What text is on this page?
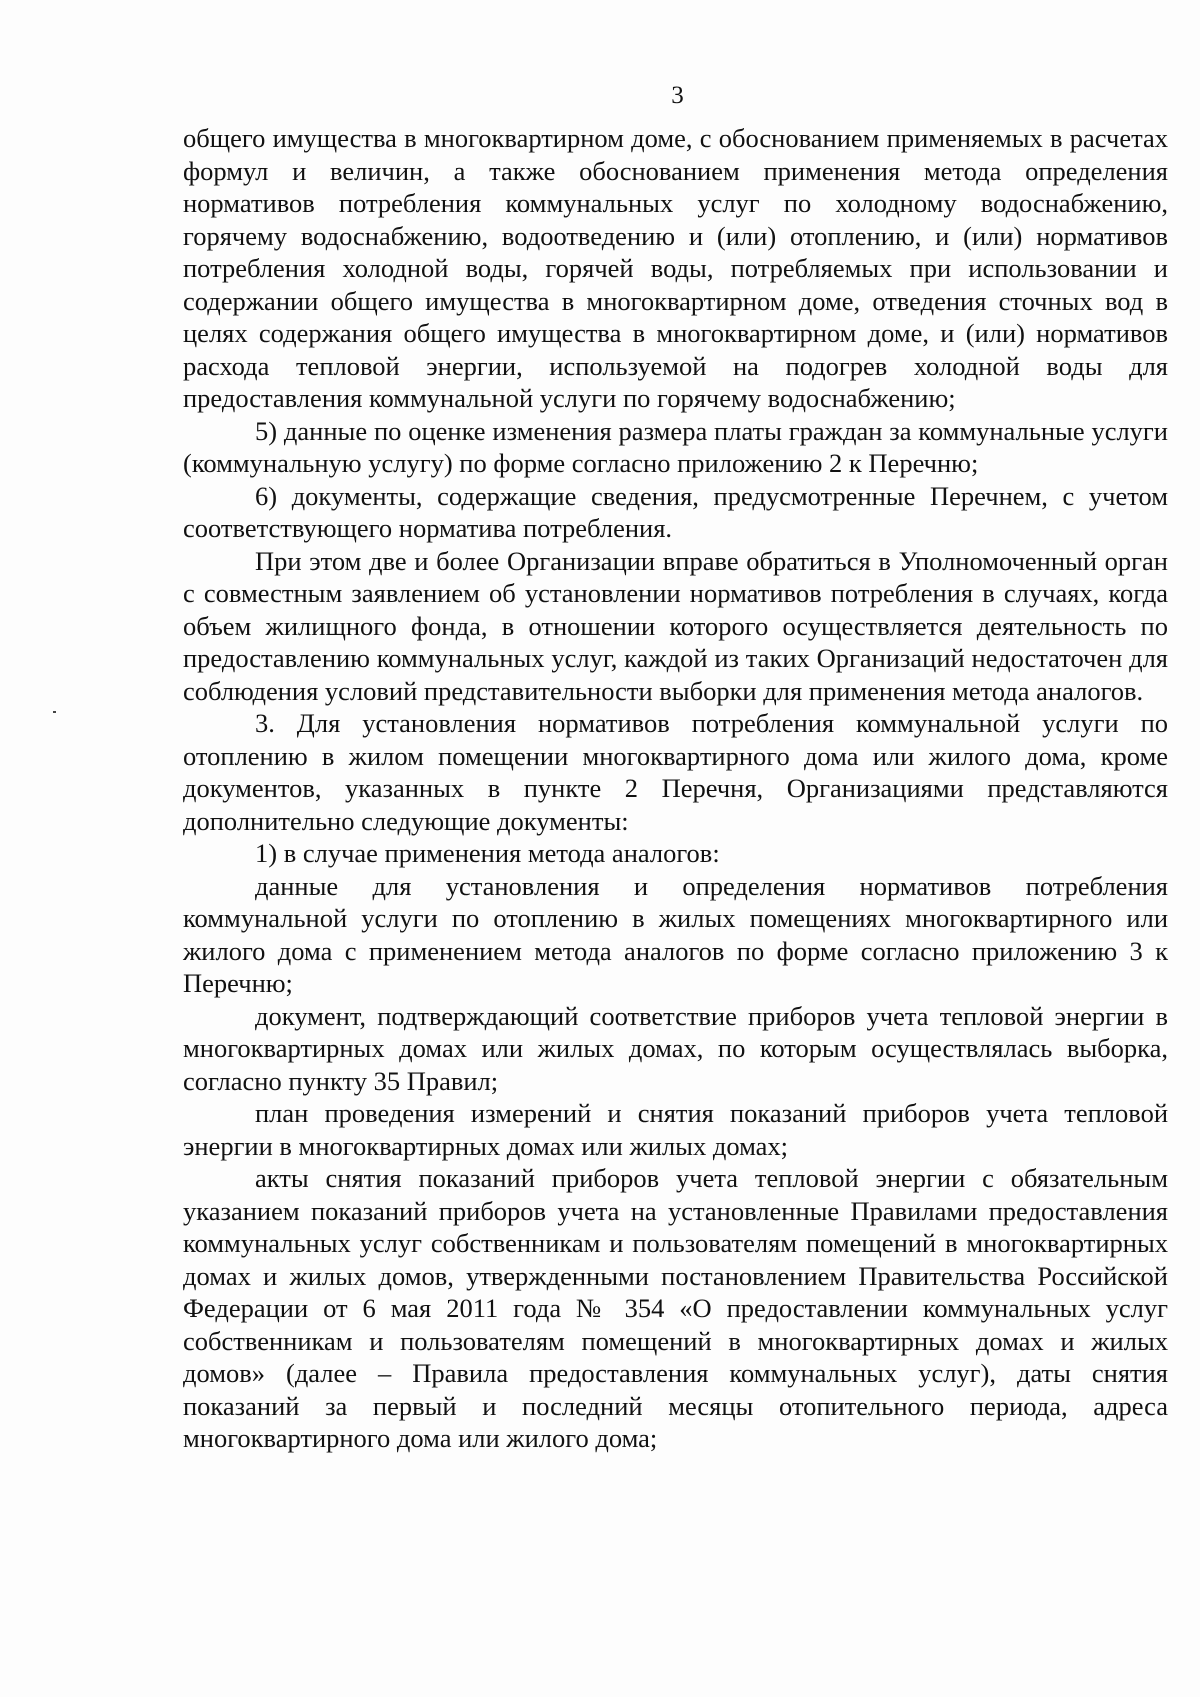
3

общего имущества в многоквартирном доме, с обоснованием применяемых в расчетах формул и величин, а также обоснованием применения метода определения нормативов потребления коммунальных услуг по холодному водоснабжению, горячему водоснабжению, водоотведению и (или) отоплению, и (или) нормативов потребления холодной воды, горячей воды, потребляемых при использовании и содержании общего имущества в многоквартирном доме, отведения сточных вод в целях содержания общего имущества в многоквартирном доме, и (или) нормативов расхода тепловой энергии, используемой на подогрев холодной воды для предоставления коммунальной услуги по горячему водоснабжению;

5) данные по оценке изменения размера платы граждан за коммунальные услуги (коммунальную услугу) по форме согласно приложению 2 к Перечню;

6) документы, содержащие сведения, предусмотренные Перечнем, с учетом соответствующего норматива потребления.

При этом две и более Организации вправе обратиться в Уполномоченный орган с совместным заявлением об установлении нормативов потребления в случаях, когда объем жилищного фонда, в отношении которого осуществляется деятельность по предоставлению коммунальных услуг, каждой из таких Организаций недостаточен для соблюдения условий представительности выборки для применения метода аналогов.

3. Для установления нормативов потребления коммунальной услуги по отоплению в жилом помещении многоквартирного дома или жилого дома, кроме документов, указанных в пункте 2 Перечня, Организациями представляются дополнительно следующие документы:

1) в случае применения метода аналогов:

данные для установления и определения нормативов потребления коммунальной услуги по отоплению в жилых помещениях многоквартирного или жилого дома с применением метода аналогов по форме согласно приложению 3 к Перечню;

документ, подтверждающий соответствие приборов учета тепловой энергии в многоквартирных домах или жилых домах, по которым осуществлялась выборка, согласно пункту 35 Правил;

план проведения измерений и снятия показаний приборов учета тепловой энергии в многоквартирных домах или жилых домах;

акты снятия показаний приборов учета тепловой энергии с обязательным указанием показаний приборов учета на установленные Правилами предоставления коммунальных услуг собственникам и пользователям помещений в многоквартирных домах и жилых домов, утвержденными постановлением Правительства Российской Федерации от 6 мая 2011 года № 354 «О предоставлении коммунальных услуг собственникам и пользователям помещений в многоквартирных домах и жилых домов» (далее – Правила предоставления коммунальных услуг), даты снятия показаний за первый и последний месяцы отопительного периода, адреса многоквартирного дома или жилого дома;
